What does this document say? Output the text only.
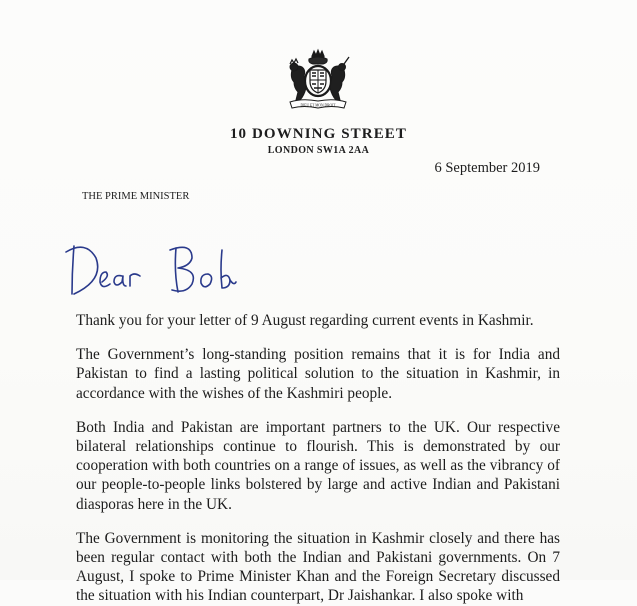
DIEU ET MON DROIT
10 DOWNING STREET
LONDON SW1A 2AA
6 September 2019
THE PRIME MINISTER
Dear Bob

Thank you for your letter of 9 August regarding current events in Kashmir.

The Government’s long-standing position remains that it is for India and Pakistan to find a lasting political solution to the situation in Kashmir, in accordance with the wishes of the Kashmiri people.

Both India and Pakistan are important partners to the UK. Our respective bilateral relationships continue to flourish. This is demonstrated by our cooperation with both countries on a range of issues, as well as the vibrancy of our people-to-people links bolstered by large and active Indian and Pakistani diasporas here in the UK.

The Government is monitoring the situation in Kashmir closely and there has been regular contact with both the Indian and Pakistani governments. On 7 August, I spoke to Prime Minister Khan and the Foreign Secretary discussed the situation with his Indian counterpart, Dr Jaishankar. I also spoke with
